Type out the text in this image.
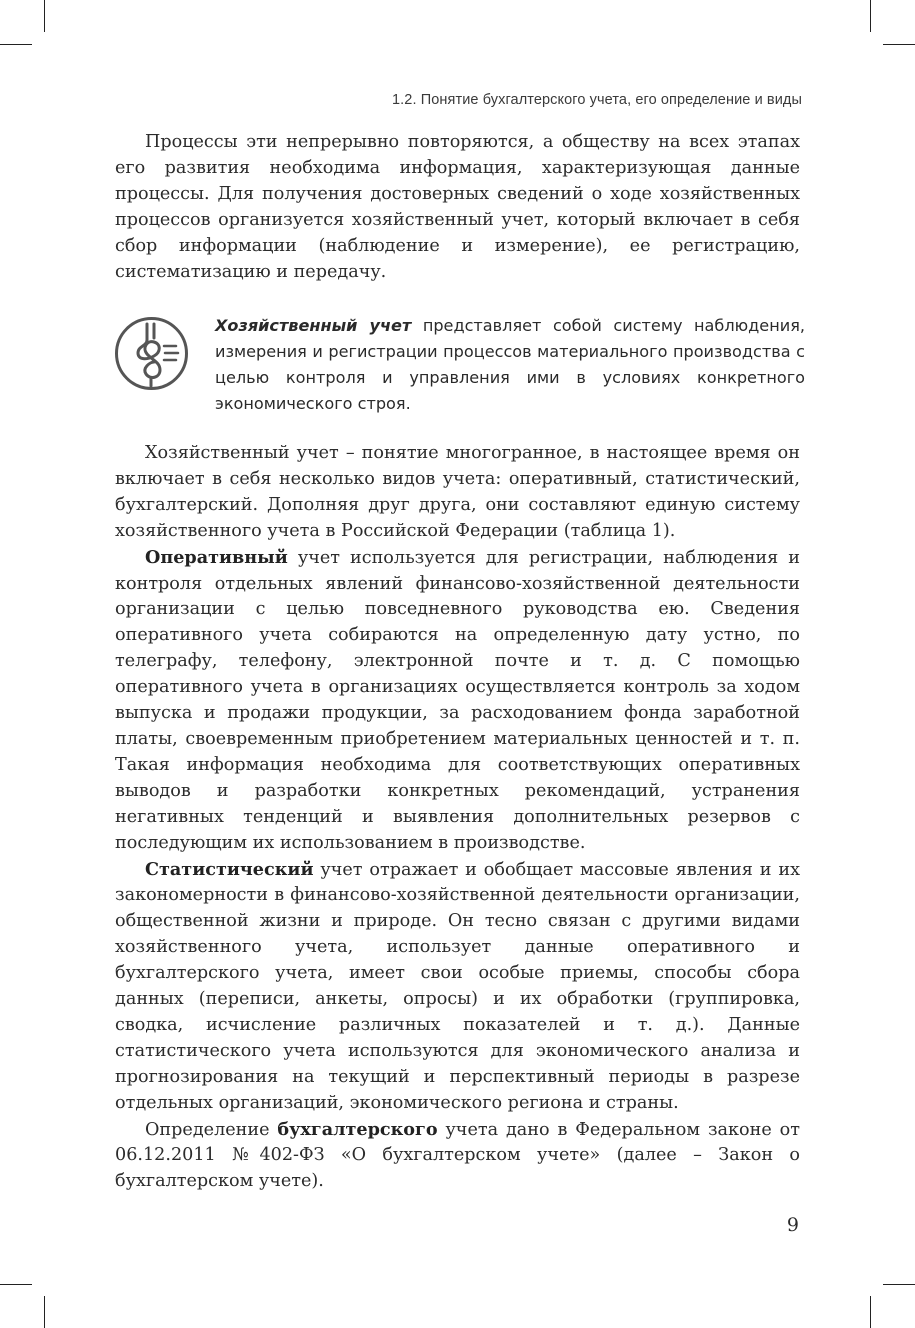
1.2. Понятие бухгалтерского учета, его определение и виды

Процессы эти непрерывно повторяются, а обществу на всех этапах его развития необходима информация, характеризующая данные процессы. Для получения достоверных сведений о ходе хозяйственных процессов организуется хозяйственный учет, который включает в себя сбор информации (наблюдение и измерение), ее регистрацию, систематизацию и передачу.

Хозяйственный учет представляет собой систему наблюдения, измерения и регистрации процессов материального производства с целью контроля и управления ими в условиях конкретного экономического строя.

Хозяйственный учет – понятие многогранное, в настоящее время он включает в себя несколько видов учета: оперативный, статистический, бухгалтерский. Дополняя друг друга, они составляют единую систему хозяйственного учета в Российской Федерации (таблица 1).

Оперативный учет используется для регистрации, наблюдения и контроля отдельных явлений финансово-хозяйственной деятельности организации с целью повседневного руководства ею. Сведения оперативного учета собираются на определенную дату устно, по телеграфу, телефону, электронной почте и т. д. С помощью оперативного учета в организациях осуществляется контроль за ходом выпуска и продажи продукции, за расходованием фонда заработной платы, своевременным приобретением материальных ценностей и т. п. Такая информация необходима для соответствующих оперативных выводов и разработки конкретных рекомендаций, устранения негативных тенденций и выявления дополнительных резервов с последующим их использованием в производстве.

Статистический учет отражает и обобщает массовые явления и их закономерности в финансово-хозяйственной деятельности организации, общественной жизни и природе. Он тесно связан с другими видами хозяйственного учета, использует данные оперативного и бухгалтерского учета, имеет свои особые приемы, способы сбора данных (переписи, анкеты, опросы) и их обработки (группировка, сводка, исчисление различных показателей и т. д.). Данные статистического учета используются для экономического анализа и прогнозирования на текущий и перспективный периоды в разрезе отдельных организаций, экономического региона и страны.

Определение бухгалтерского учета дано в Федеральном законе от 06.12.2011 №402-ФЗ «О бухгалтерском учете» (далее – Закон о бухгалтерском учете).

9
